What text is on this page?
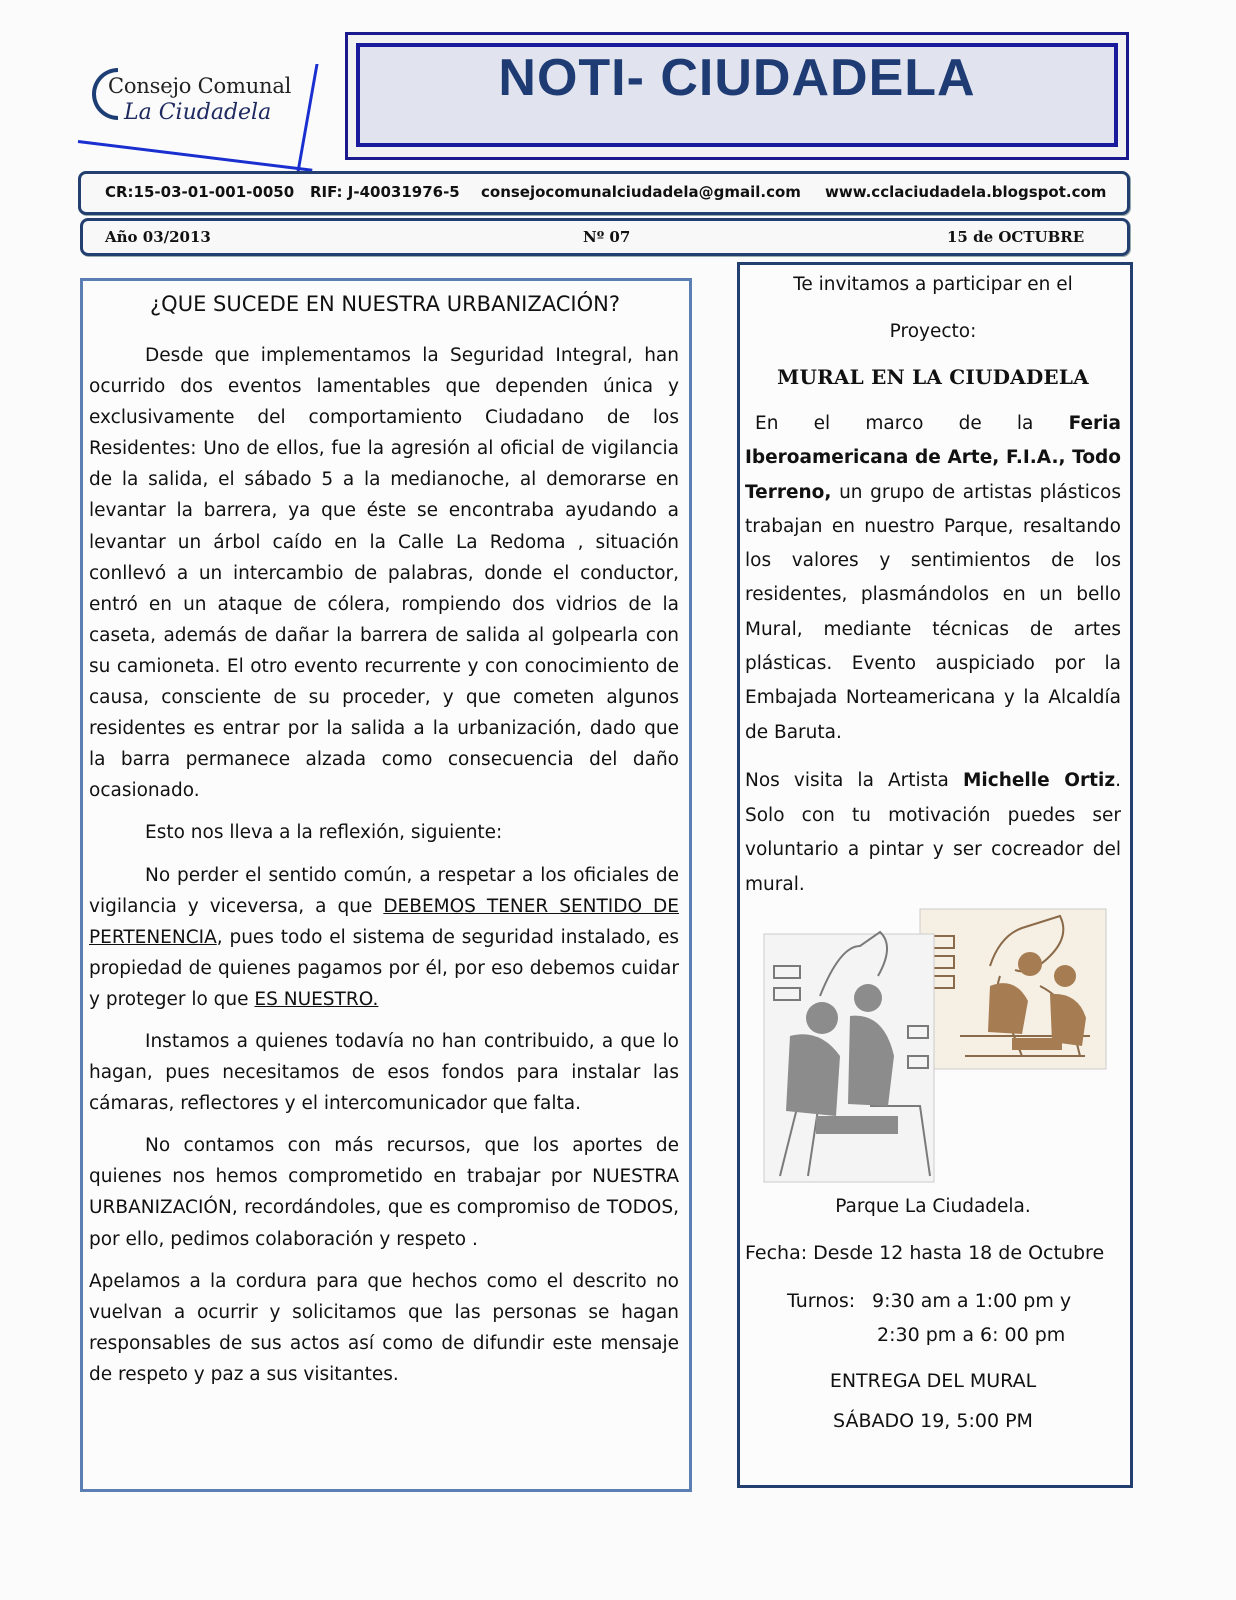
Consejo Comunal
La Ciudadela
NOTI- CIUDADELA
CR:15-03-01-001-0050 RIF: J-40031976-5 consejocomunalciudadela@gmail.com www.cclaciudadela.blogspot.com
Año 03/2013	Nº 07	15 de OCTUBRE
¿QUE SUCEDE EN NUESTRA URBANIZACIÓN?

Desde que implementamos la Seguridad Integral, han ocurrido dos eventos lamentables que dependen única y exclusivamente del comportamiento Ciudadano de los Residentes: Uno de ellos, fue la agresión al oficial de vigilancia de la salida, el sábado 5 a la medianoche, al demorarse en levantar la barrera, ya que éste se encontraba ayudando a levantar un árbol caído en la Calle La Redoma , situación conllevó a un intercambio de palabras, donde el conductor, entró en un ataque de cólera, rompiendo dos vidrios de la caseta, además de dañar la barrera de salida al golpearla con su camioneta. El otro evento recurrente y con conocimiento de causa, consciente de su proceder, y que cometen algunos residentes es entrar por la salida a la urbanización, dado que la barra permanece alzada como consecuencia del daño ocasionado.

Esto nos lleva a la reflexión, siguiente:

No perder el sentido común, a respetar a los oficiales de vigilancia y viceversa, a que DEBEMOS TENER SENTIDO DE PERTENENCIA, pues todo el sistema de seguridad instalado, es propiedad de quienes pagamos por él, por eso debemos cuidar y proteger lo que ES NUESTRO.

Instamos a quienes todavía no han contribuido, a que lo hagan, pues necesitamos de esos fondos para instalar las cámaras, reflectores y el intercomunicador que falta.

No contamos con más recursos, que los aportes de quienes nos hemos comprometido en trabajar por NUESTRA URBANIZACIÓN, recordándoles, que es compromiso de TODOS, por ello, pedimos colaboración y respeto .

Apelamos a la cordura para que hechos como el descrito no vuelvan a ocurrir y solicitamos que las personas se hagan responsables de sus actos así como de difundir este mensaje de respeto y paz a sus visitantes.

Te invitamos a participar en el
Proyecto:
MURAL EN LA CIUDADELA
En el marco de la Feria Iberoamericana de Arte, F.I.A., Todo Terreno, un grupo de artistas plásticos trabajan en nuestro Parque, resaltando los valores y sentimientos de los residentes, plasmándolos en un bello Mural, mediante técnicas de artes plásticas. Evento auspiciado por la Embajada Norteamericana y la Alcaldía de Baruta.
Nos visita la Artista Michelle Ortiz. Solo con tu motivación puedes ser voluntario a pintar y ser cocreador del mural.
Parque La Ciudadela.
Fecha: Desde 12 hasta 18 de Octubre
Turnos: 9:30 am a 1:00 pm y
2:30 pm a 6: 00 pm
ENTREGA DEL MURAL
SÁBADO 19, 5:00 PM
